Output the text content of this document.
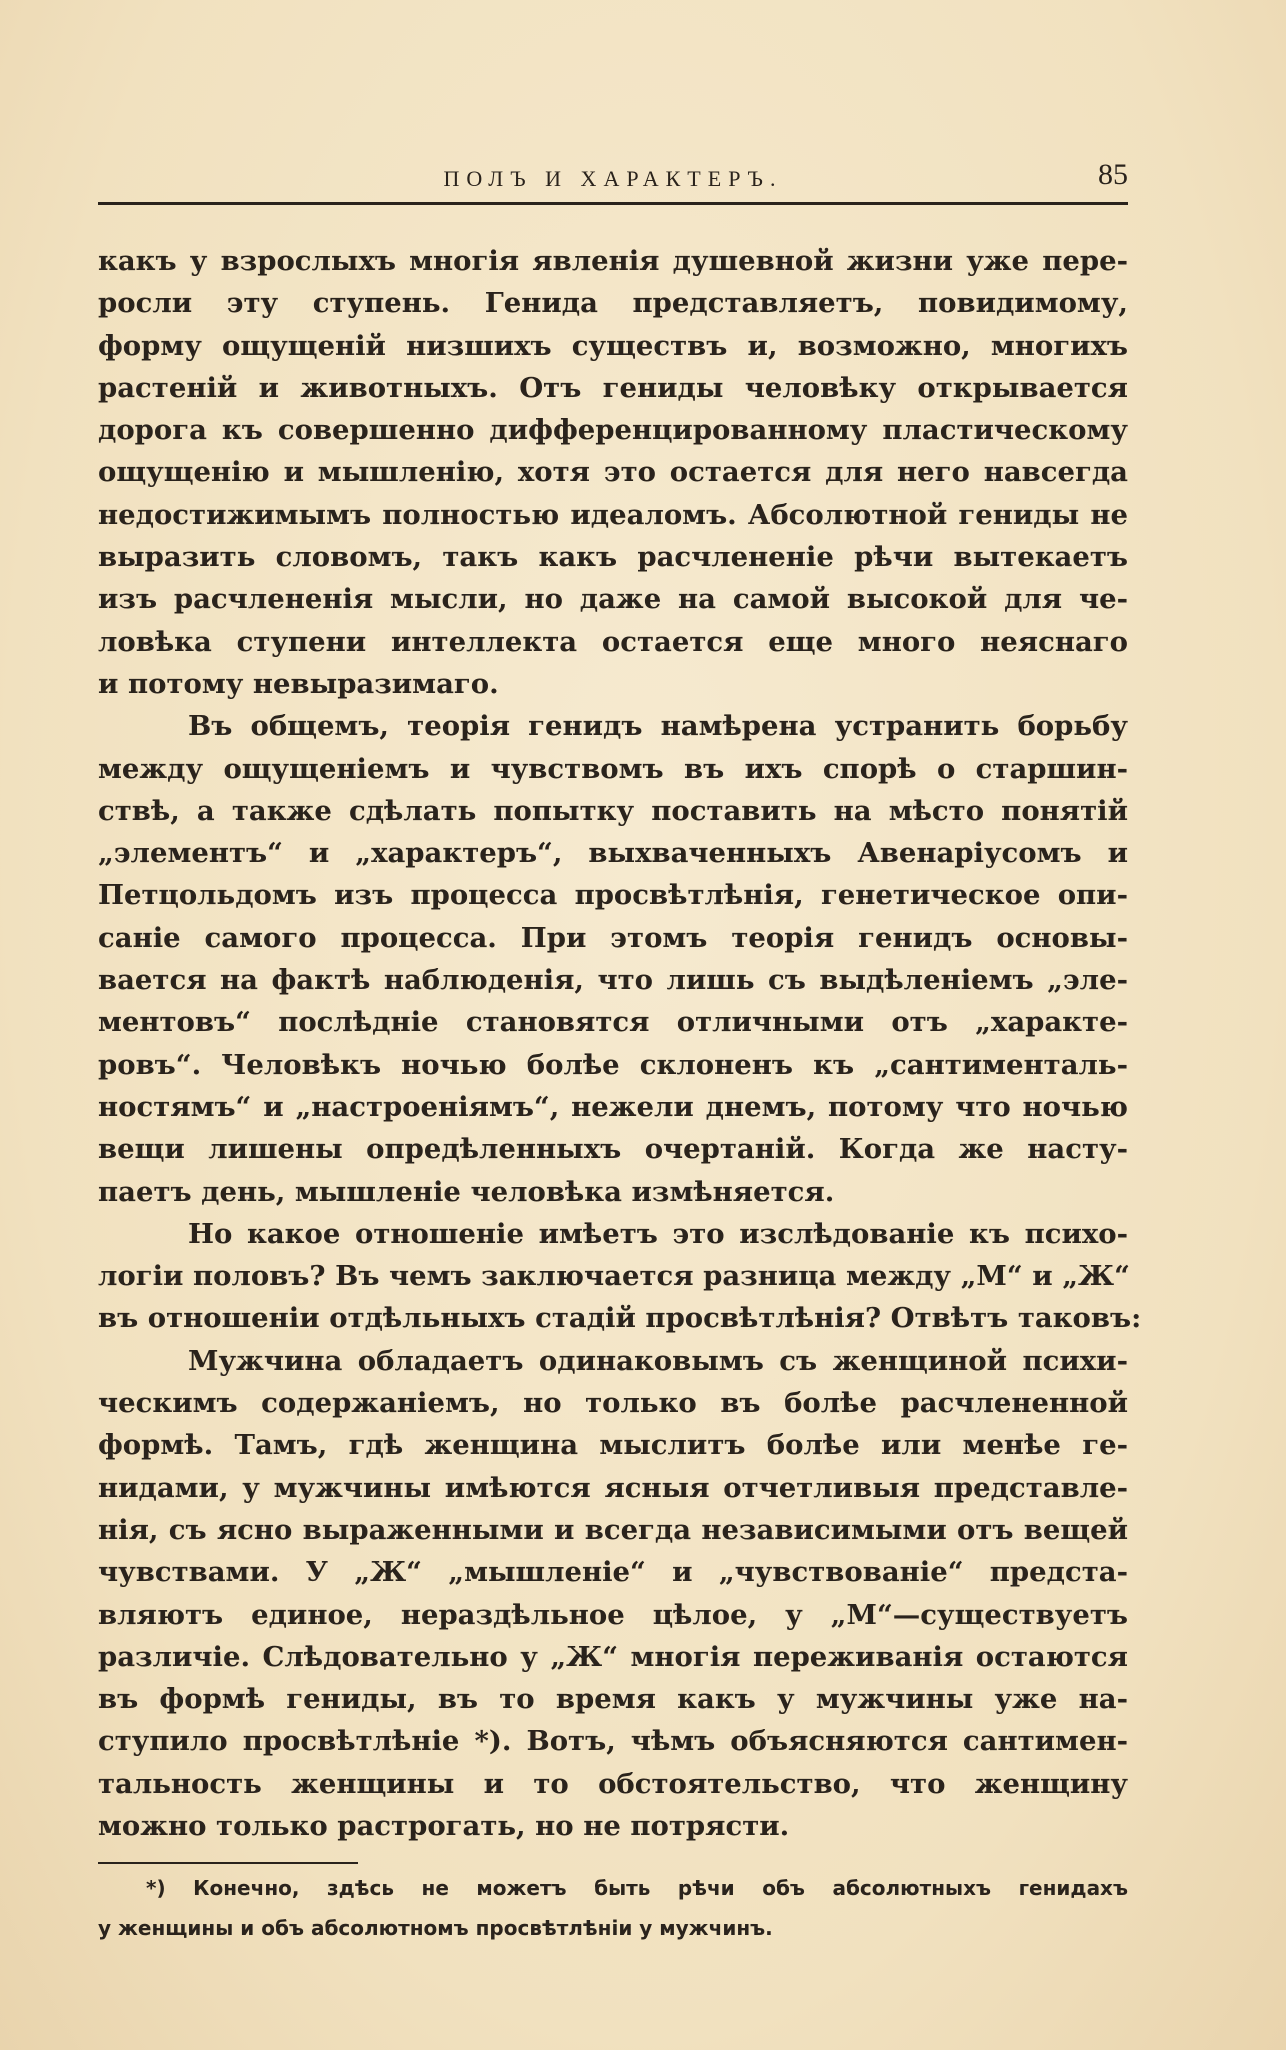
ПОЛЪ И ХАРАКТЕРЪ.	85
какъ у взрослыхъ многія явленія душевной жизни уже пере-
росли эту ступень. Генида представляетъ, повидимому,
форму ощущеній низшихъ существъ и, возможно, многихъ
растеній и животныхъ. Отъ гениды человѣку открывается
дорога къ совершенно дифференцированному пластическому
ощущенію и мышленію, хотя это остается для него навсегда
недостижимымъ полностью идеаломъ. Абсолютной гениды не
выразить словомъ, такъ какъ расчлененіе рѣчи вытекаетъ
изъ расчлененія мысли, но даже на самой высокой для че-
ловѣка ступени интеллекта остается еще много неяснаго
и потому невыразимаго.
Въ общемъ, теорія генидъ намѣрена устранить борьбу
между ощущеніемъ и чувствомъ въ ихъ спорѣ о старшин-
ствѣ, а также сдѣлать попытку поставить на мѣсто понятій
„элементъ“ и „характеръ“, выхваченныхъ Авенаріусомъ и
Петцольдомъ изъ процесса просвѣтлѣнія, генетическое опи-
саніе самого процесса. При этомъ теорія генидъ основы-
вается на фактѣ наблюденія, что лишь съ выдѣленіемъ „эле-
ментовъ“ послѣдніе становятся отличными отъ „характе-
ровъ“. Человѣкъ ночью болѣе склоненъ къ „сантименталь-
ностямъ“ и „настроеніямъ“, нежели днемъ, потому что ночью
вещи лишены опредѣленныхъ очертаній. Когда же насту-
паетъ день, мышленіе человѣка измѣняется.
Но какое отношеніе имѣетъ это изслѣдованіе къ психо-
логіи половъ? Въ чемъ заключается разница между „М“ и „Ж“
въ отношеніи отдѣльныхъ стадій просвѣтлѣнія? Отвѣтъ таковъ:
Мужчина обладаетъ одинаковымъ съ женщиной психи-
ческимъ содержаніемъ, но только въ болѣе расчлененной
формѣ. Тамъ, гдѣ женщина мыслитъ болѣе или менѣе ге-
нидами, у мужчины имѣются ясныя отчетливыя представле-
нія, съ ясно выраженными и всегда независимыми отъ вещей
чувствами. У „Ж“ „мышленіе“ и „чувствованіе“ предста-
вляютъ единое, нераздѣльное цѣлое, у „М“—существуетъ
различіе. Слѣдовательно у „Ж“ многія переживанія остаются
въ формѣ гениды, въ то время какъ у мужчины уже на-
ступило просвѣтлѣніе *). Вотъ, чѣмъ объясняются сантимен-
тальность женщины и то обстоятельство, что женщину
можно только растрогать, но не потрясти.
*) Конечно, здѣсь не можетъ быть рѣчи объ абсолютныхъ генидахъ
у женщины и объ абсолютномъ просвѣтлѣніи у мужчинъ.
